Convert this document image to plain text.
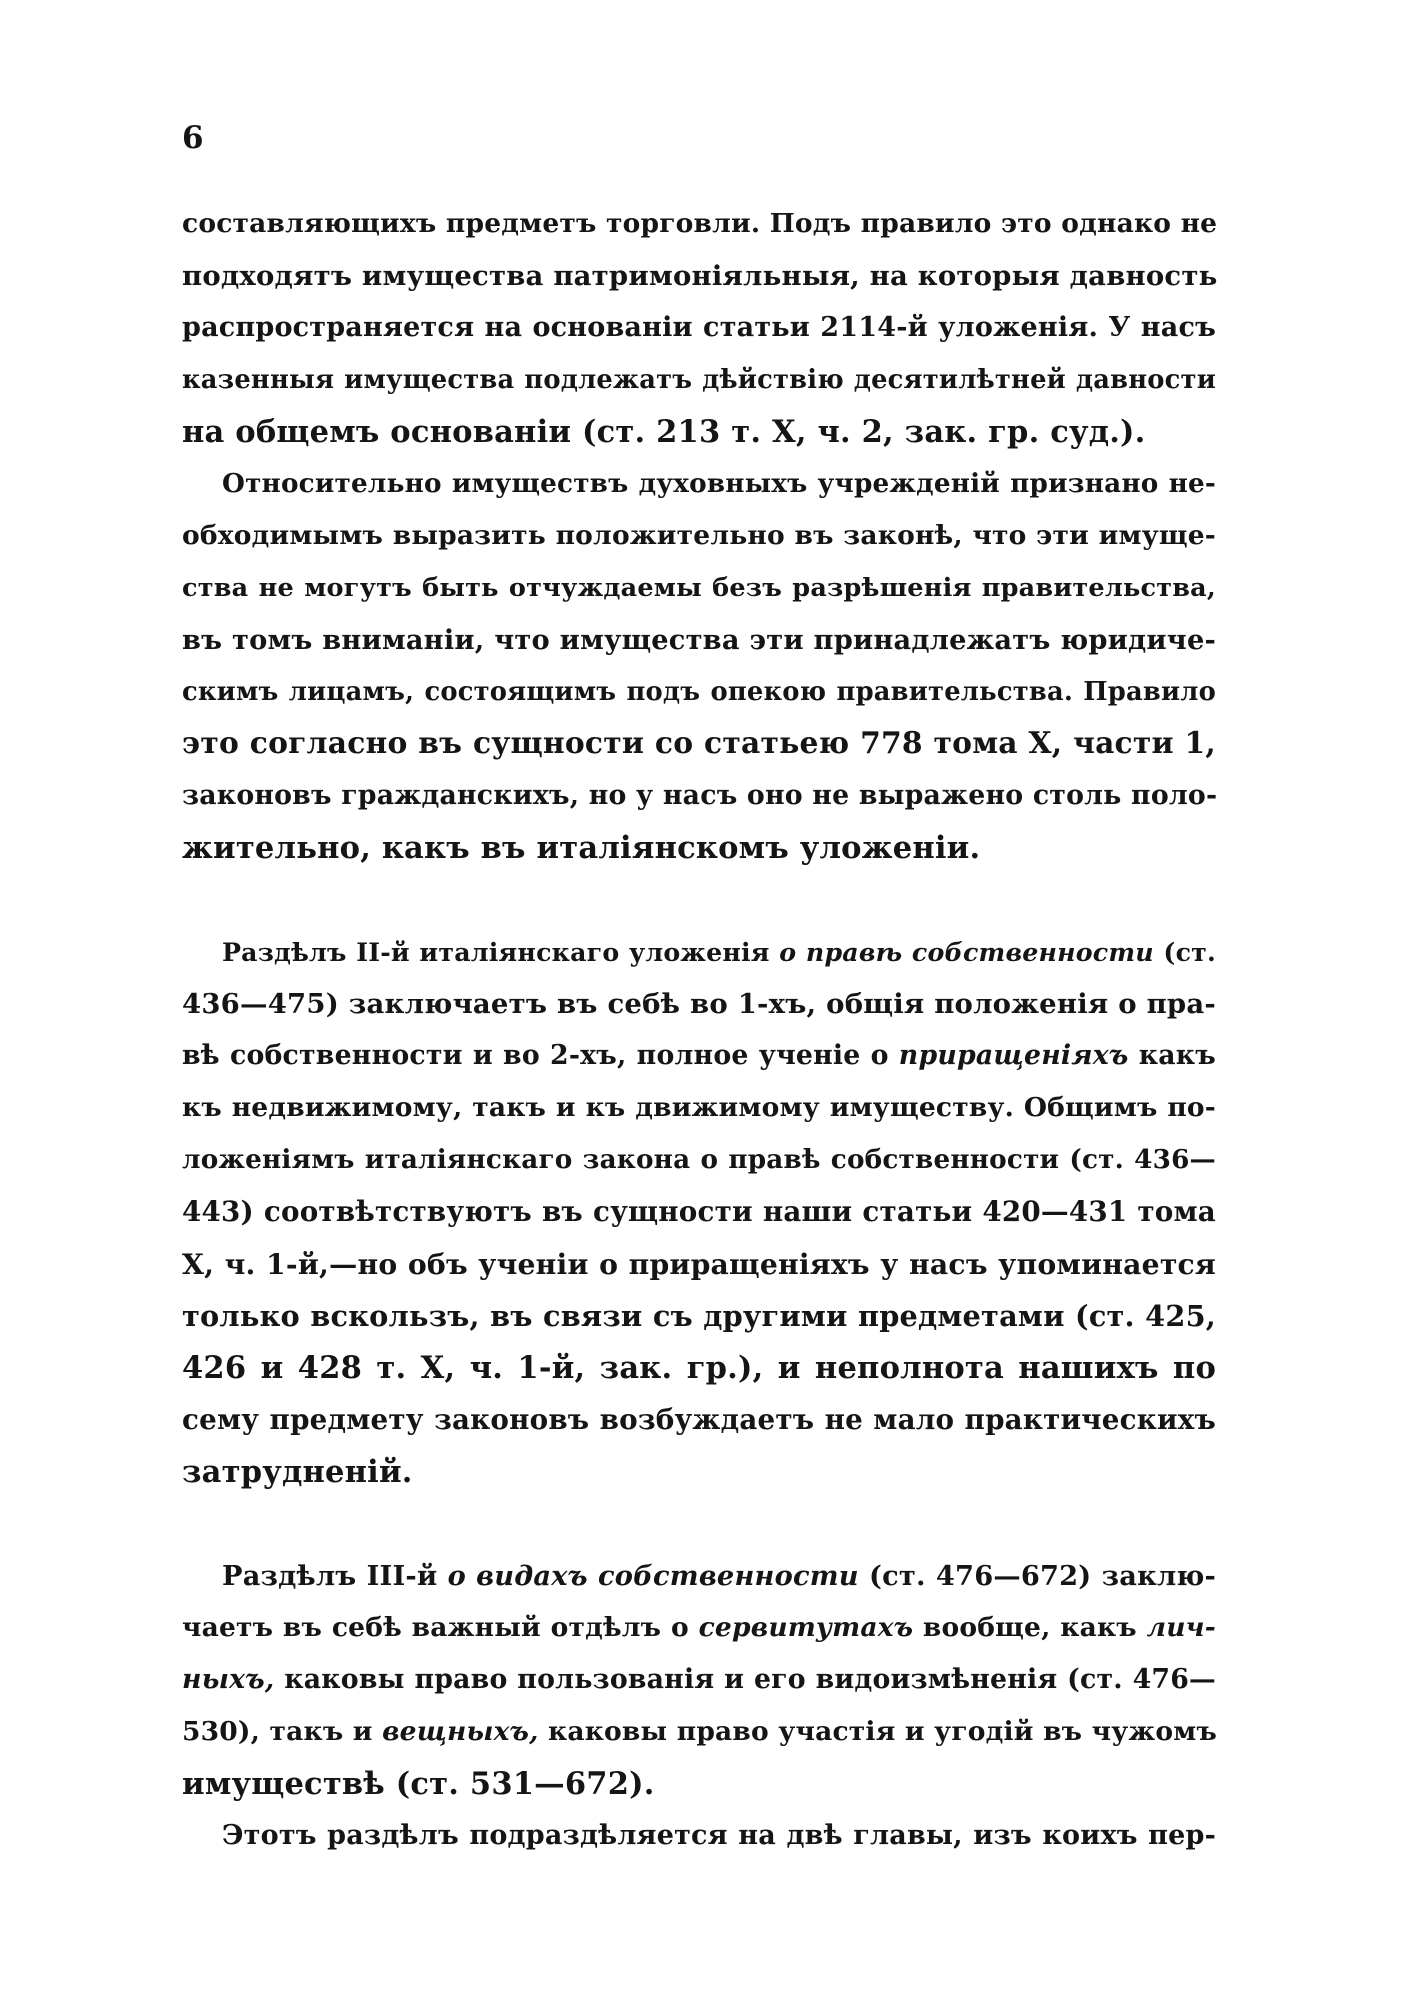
6
составляющихъ предметъ торговли. Подъ правило это однако не
подходятъ имущества патримоніяльныя, на которыя давность
распространяется на основаніи статьи 2114-й уложенія. У насъ
казенныя имущества подлежатъ дѣйствію десятилѣтней давности
на общемъ основаніи (ст. 213 т. X, ч. 2, зак. гр. суд.).
Относительно имуществъ духовныхъ учрежденій признано не-
обходимымъ выразить положительно въ законѣ, что эти имуще-
ства не могутъ быть отчуждаемы безъ разрѣшенія правительства,
въ томъ вниманіи, что имущества эти принадлежатъ юридиче-
скимъ лицамъ, состоящимъ подъ опекою правительства. Правило
это согласно въ сущности со статьею 778 тома X, части 1,
законовъ гражданскихъ, но у насъ оно не выражено столь поло-
жительно, какъ въ италіянскомъ уложеніи.
Раздѣлъ II-й италіянскаго уложенія о правѣ собственности (ст.
436—475) заключаетъ въ себѣ во 1-хъ, общія положенія о пра-
вѣ собственности и во 2-хъ, полное ученіе о приращеніяхъ какъ
къ недвижимому, такъ и къ движимому имуществу. Общимъ по-
ложеніямъ италіянскаго закона о правѣ собственности (ст. 436—
443) соотвѣтствуютъ въ сущности наши статьи 420—431 тома
X, ч. 1-й,—но объ ученіи о приращеніяхъ у насъ упоминается
только вскользъ, въ связи съ другими предметами (ст. 425,
426 и 428 т. X, ч. 1-й, зак. гр.), и неполнота нашихъ по
сему предмету законовъ возбуждаетъ не мало практическихъ
затрудненій.
Раздѣлъ III-й о видахъ собственности (ст. 476—672) заклю-
чаетъ въ себѣ важный отдѣлъ о сервитутахъ вообще, какъ лич-
ныхъ, каковы право пользованія и его видоизмѣненія (ст. 476—
530), такъ и вещныхъ, каковы право участія и угодій въ чужомъ
имуществѣ (ст. 531—672).
Этотъ раздѣлъ подраздѣляется на двѣ главы, изъ коихъ пер-
